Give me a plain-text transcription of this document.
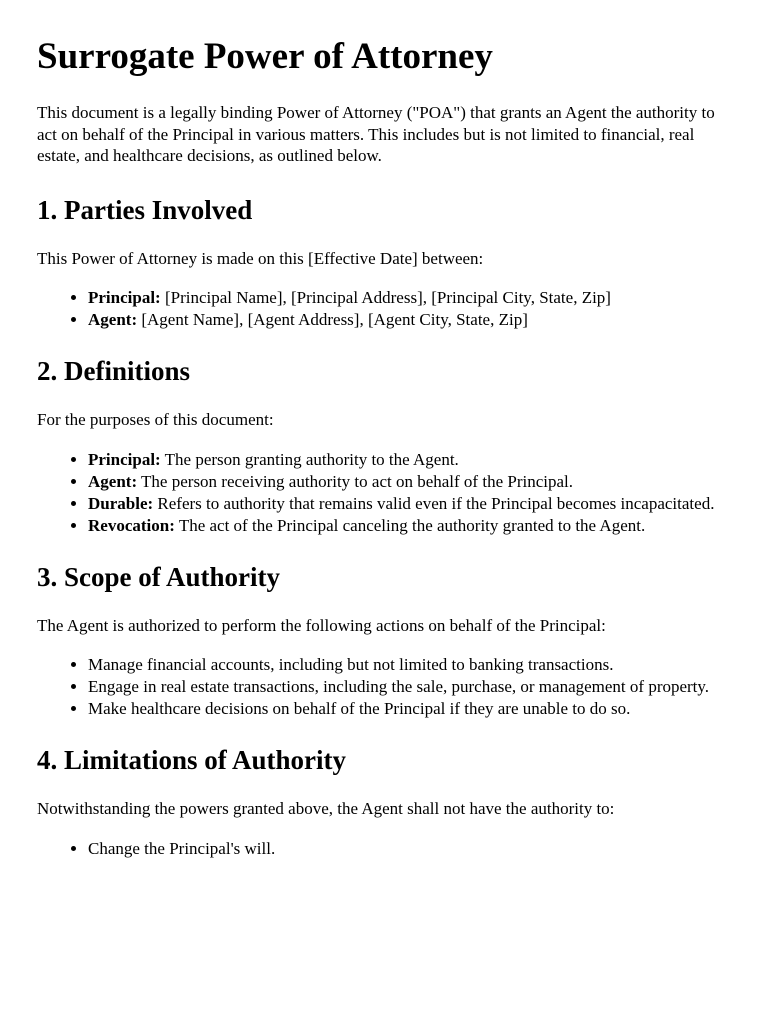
Surrogate Power of Attorney

This document is a legally binding Power of Attorney ("POA") that grants an Agent the authority to act on behalf of the Principal in various matters. This includes but is not limited to financial, real estate, and healthcare decisions, as outlined below.

1. Parties Involved

This Power of Attorney is made on this [Effective Date] between:

• Principal: [Principal Name], [Principal Address], [Principal City, State, Zip]
• Agent: [Agent Name], [Agent Address], [Agent City, State, Zip]
2. Definitions

For the purposes of this document:

• Principal: The person granting authority to the Agent.
• Agent: The person receiving authority to act on behalf of the Principal.
• Durable: Refers to authority that remains valid even if the Principal becomes incapacitated.
• Revocation: The act of the Principal canceling the authority granted to the Agent.
3. Scope of Authority

The Agent is authorized to perform the following actions on behalf of the Principal:

• Manage financial accounts, including but not limited to banking transactions.
• Engage in real estate transactions, including the sale, purchase, or management of property.
• Make healthcare decisions on behalf of the Principal if they are unable to do so.
4. Limitations of Authority

Notwithstanding the powers granted above, the Agent shall not have the authority to:

• Change the Principal's will.
